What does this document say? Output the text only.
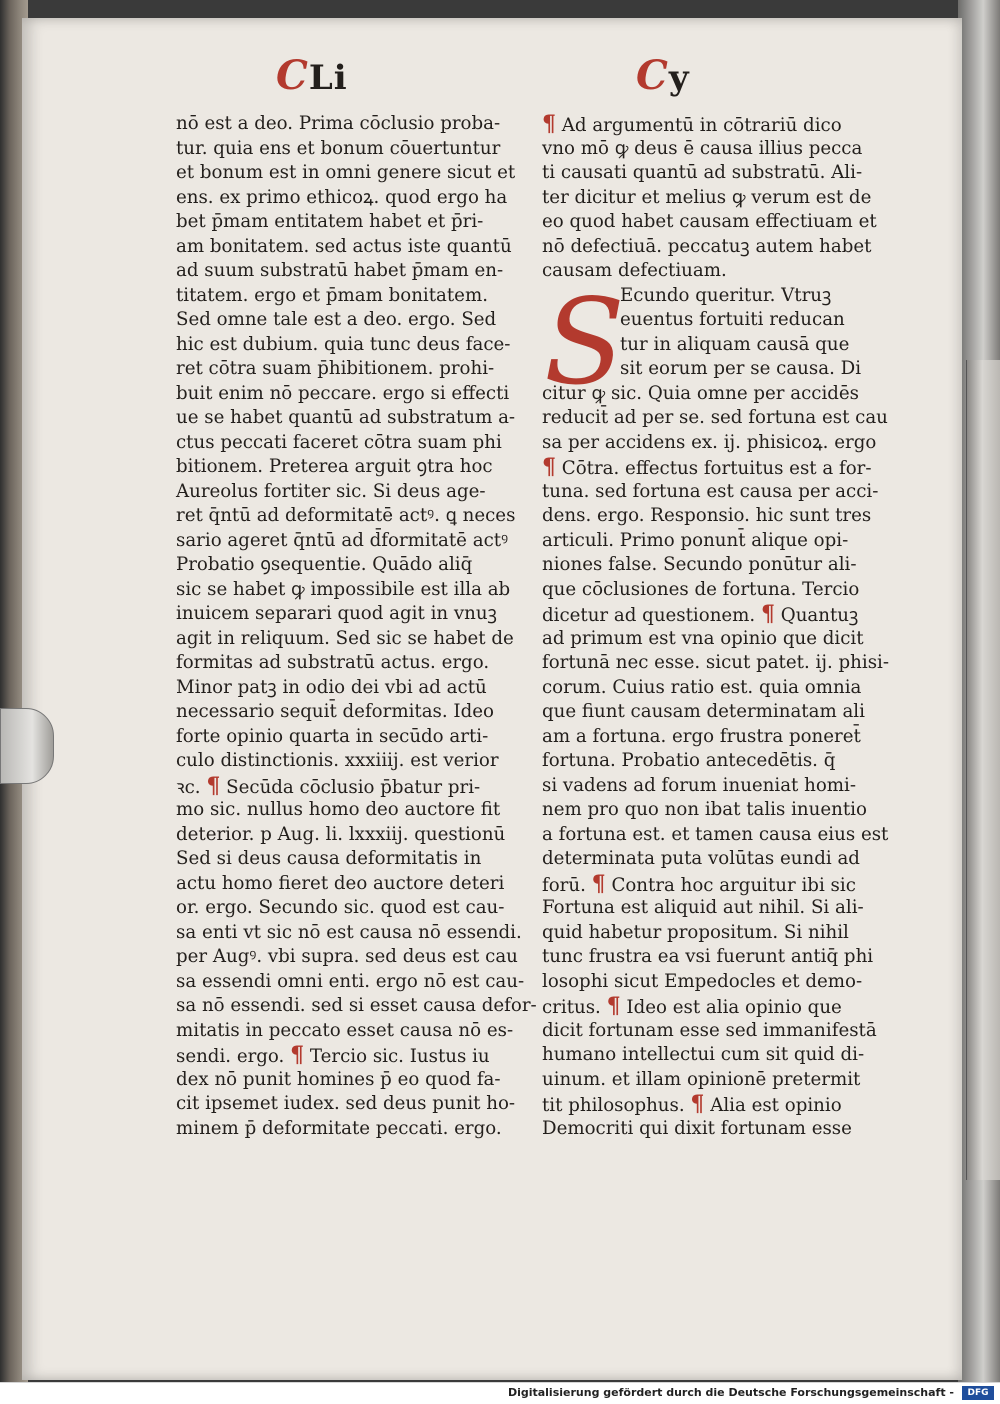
CLi	Cy
nō est a deo. Prima cōclusio proba-
tur. quia ens et bonum cōuertuntur
et bonum est in omni genere sicut et
ens. ex primo ethicoꝝ. quod ergo ha
bet p̄mam entitatem habet et p̄ri-
am bonitatem. sed actus iste quantū
ad suum substratū habet p̄mam en-
titatem. ergo et p̄mam bonitatem.
Sed omne tale est a deo. ergo. Sed
hic est dubium. quia tunc deus face-
ret cōtra suam p̄hibitionem. prohi-
buit enim nō peccare. ergo si effecti
ue se habet quantū ad substratum a-
ctus peccati faceret cōtra suam phi
bitionem. Preterea arguit ꝯtra hoc
Aureolus fortiter sic. Si deus age-
ret q̄ntū ad deformitatē actꝰ. ꝗ neces
sario ageret q̄ntū ad d̄formitatē actꝰ
Probatio ꝯsequentie. Quādo aliq̄
sic se habet ꝙ impossibile est illa ab
inuicem separari quod agit in vnuꝫ
agit in reliquum. Sed sic se habet de
formitas ad substratū actus. ergo.
Minor patꝫ in odio dei vbi ad actū
necessario sequit̄ deformitas. Ideo
forte opinio quarta in secūdo arti-
culo distinctionis. xxxiiij. est verior
ꝛc. ¶ Secūda cōclusio p̄batur pri-
mo sic. nullus homo deo auctore fit
deterior. p Aug. li. lxxxiij. questionū
Sed si deus causa deformitatis in
actu homo fieret deo auctore deteri
or. ergo. Secundo sic. quod est cau-
sa enti vt sic nō est causa nō essendi.
per Augꝰ. vbi supra. sed deus est cau
sa essendi omni enti. ergo nō est cau-
sa nō essendi. sed si esset causa defor-
mitatis in peccato esset causa nō es-
sendi. ergo. ¶ Tercio sic. Iustus iu
dex nō punit homines p̄ eo quod fa-
cit ipsemet iudex. sed deus punit ho-
minem p̄ deformitate peccati. ergo.
¶ Ad argumentū in cōtrariū dico
vno mō ꝙ deus ē causa illius pecca
ti causati quantū ad substratū. Ali-
ter dicitur et melius ꝙ verum est de
eo quod habet causam effectiuam et
nō defectiuā. peccatuꝫ autem habet
causam defectiuam.
Ecundo queritur. Vtruꝫ
euentus fortuiti reducan
tur in aliquam causā que
sit eorum per se causa. Di
citur ꝙ sic. Quia omne per accidēs
reducit̄ ad per se. sed fortuna est cau
sa per accidens ex. ij. phisicoꝝ. ergo
¶ Cōtra. effectus fortuitus est a for-
tuna. sed fortuna est causa per acci-
dens. ergo. Responsio. hic sunt tres
articuli. Primo ponunt̄ alique opi-
niones false. Secundo ponūtur ali-
que cōclusiones de fortuna. Tercio
dicetur ad questionem. ¶ Quantuꝫ
ad primum est vna opinio que dicit
fortunā nec esse. sicut patet. ij. phisi-
corum. Cuius ratio est. quia omnia
que fiunt causam determinatam ali
am a fortuna. ergo frustra poneret̄
fortuna. Probatio antecedētis. q̄
si vadens ad forum inueniat homi-
nem pro quo non ibat talis inuentio
a fortuna est. et tamen causa eius est
determinata puta volūtas eundi ad
forū. ¶ Contra hoc arguitur ibi sic
Fortuna est aliquid aut nihil. Si ali-
quid habetur propositum. Si nihil
tunc frustra ea vsi fuerunt antiq̄ phi
losophi sicut Empedocles et demo-
critus. ¶ Ideo est alia opinio que
dicit fortunam esse sed immanifestā
humano intellectui cum sit quid di-
uinum. et illam opinionē pretermit
tit philosophus. ¶ Alia est opinio
Democriti qui dixit fortunam esse
S
Digitalisierung gefördert durch die Deutsche Forschungsgemeinschaft -	DFG
